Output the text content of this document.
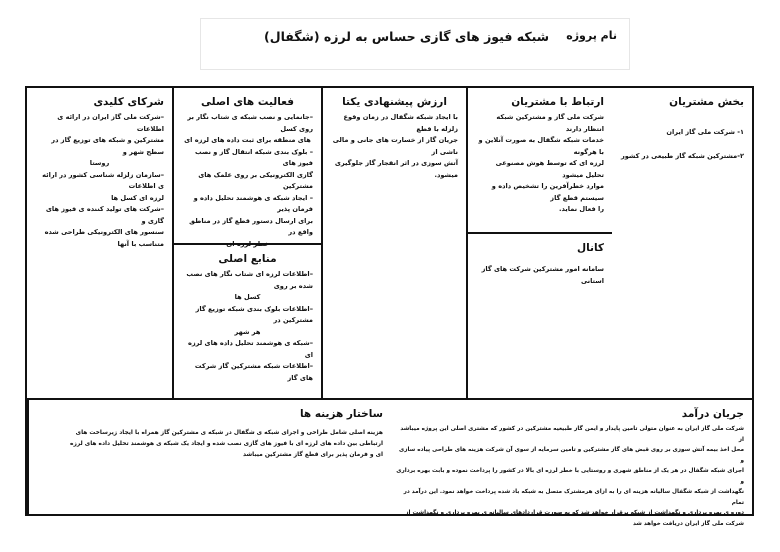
نام پروژه
شبکه فیوز های گازی حساس به لرزه (شگفال)
بخش مشتریان

۱- شرکت ملی گاز ایران

۲-مشترکین شبکه گاز طبیعی در کشور

ارتباط با مشتریان

شرکت ملی گاز و مشترکین شبکه انتظار دارند

خدمات شبکه شگفال به صورت آنلاین و با هرگونه

لرزه ای که توسط هوش مصنوعی تحلیل میشود

موارد خطرآفرین را تشخیص داده و سیستم قطع گاز

را فعال نماید.

کانال

سامانه امور مشترکین شرکت های گاز استانی

ارزش پیشنهادی یکتا

با ایجاد شبکه شگفال در زمان وقوع زلزله با قطع

جریان گاز از خسارت های جانی و مالی ناشی از

آتش سوزی در اثر انفجار گاز جلوگیری میشود.

فعالیت های اصلی

–جانمایی و نصب شبکه ی شتاب نگار بر روی کسل

های منطقه برای ثبت داده های لرزه ای

– بلوک بندی شبکه انتقال گاز و نصب فیوز های

گازی الکترونیکی بر روی علمک های مشترکین

– ایجاد شبکه ی هوشمند تحلیل داده و فرمان پذیر

برای ارسال دستور قطع گاز در مناطق واقع در

خطر لرزه ای

منابع اصلی

–اطلاعات لرزه ای شتاب نگار های نصب شده بر روی

کسل ها

–اطلاعات بلوک بندی شبکه توزیع گاز مشترکین در

هر شهر

–شبکه ی هوشمند تحلیل داده های لرزه ای

–اطلاعات شبکه مشترکین گاز شرکت های گاز

شرکای کلیدی

–شرکت ملی گاز ایران در ارائه ی اطلاعات

مشترکین و شبکه های توزیع گاز در سطح شهر و

روستا

–سازمان زلزله شناسی کشور در ارائه ی اطلاعات

لرزه ای کسل ها

–شرکت های تولید کننده ی فیوز های گازی و

سنسور های الکترونیکی طراحی شده متناسب با آنها

جریان درآمد

شرکت ملی گاز ایران به عنوان متولی تامین پایدار و ایمن گاز طبیعیه مشترکین در کشور که مشتری اصلی این پروژه میباشد از

محل اخذ بیمه آتش سوزی بر روی قبض های گاز مشترکین و تامین سرمایه از سوی آن شرکت هزینه های طراحی پیاده سازی و

اجرای شبکه شگفال در هر یک از مناطق شهری و روستایی با خطر لرزه ای بالا در کشور را پرداخت نموده و بابت بهره برداری و

نگهداشت از شبکه شگفال سالیانه هزینه ای را به ازای هرمشترک متصل به شبکه باد شده پرداخت خواهد نمود. این درآمد در تمام

دوره ی بهره برداری و نگهداشت از شبکه برقرار خواهد شد که به صورت قراردادهای سالیانه ی بهره برداری و نگهداشت از

شرکت ملی گاز ایران دریافت خواهد شد

ساختار هزینه ها

هزینه اصلی شامل طراحی و اجرای شبکه ی شگفال در شبکه ی مشترکین گاز همراه با ایجاد زیرساخت های

ارتباطی بین داده های لرزه ای با فیوز های گازی نصب شده و ایجاد یک شبکه ی هوشمند تحلیل داده های لرزه

ای و فرمان پذیر برای قطع گاز مشترکین میباشد
